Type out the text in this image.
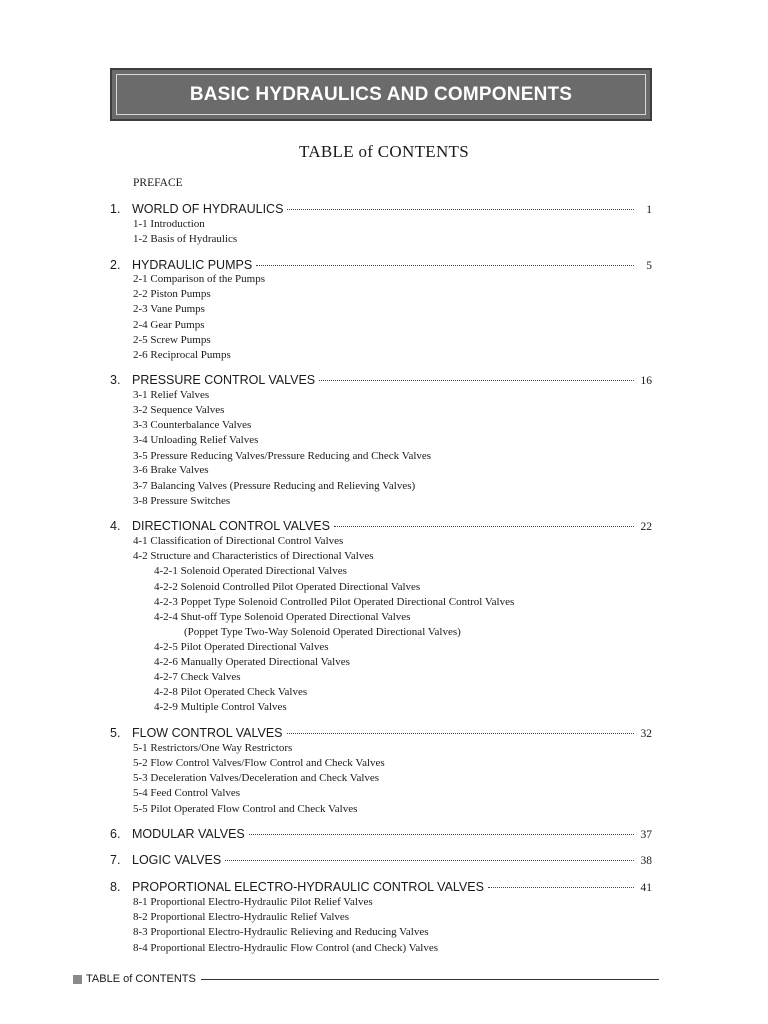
BASIC HYDRAULICS AND COMPONENTS
TABLE of CONTENTS
PREFACE
1. WORLD OF HYDRAULICS	1
1-1 Introduction
1-2 Basis of Hydraulics
2. HYDRAULIC PUMPS	5
2-1 Comparison of the Pumps
2-2 Piston Pumps
2-3 Vane Pumps
2-4 Gear Pumps
2-5 Screw Pumps
2-6 Reciprocal Pumps
3. PRESSURE CONTROL VALVES	16
3-1 Relief Valves
3-2 Sequence Valves
3-3 Counterbalance Valves
3-4 Unloading Relief Valves
3-5 Pressure Reducing Valves/Pressure Reducing and Check Valves
3-6 Brake Valves
3-7 Balancing Valves (Pressure Reducing and Relieving Valves)
3-8 Pressure Switches
4. DIRECTIONAL CONTROL VALVES	22
4-1 Classification of Directional Control Valves
4-2 Structure and Characteristics of Directional Valves
4-2-1 Solenoid Operated Directional Valves
4-2-2 Solenoid Controlled Pilot Operated Directional Valves
4-2-3 Poppet Type Solenoid Controlled Pilot Operated Directional Control Valves
4-2-4 Shut-off Type Solenoid Operated Directional Valves
(Poppet Type Two-Way Solenoid Operated Directional Valves)
4-2-5 Pilot Operated Directional Valves
4-2-6 Manually Operated Directional Valves
4-2-7 Check Valves
4-2-8 Pilot Operated Check Valves
4-2-9 Multiple Control Valves
5. FLOW CONTROL VALVES	32
5-1 Restrictors/One Way Restrictors
5-2 Flow Control Valves/Flow Control and Check Valves
5-3 Deceleration Valves/Deceleration and Check Valves
5-4 Feed Control Valves
5-5 Pilot Operated Flow Control and Check Valves
6. MODULAR VALVES	37
7. LOGIC VALVES	38
8. PROPORTIONAL ELECTRO-HYDRAULIC CONTROL VALVES	41
8-1 Proportional Electro-Hydraulic Pilot Relief Valves
8-2 Proportional Electro-Hydraulic Relief Valves
8-3 Proportional Electro-Hydraulic Relieving and Reducing Valves
8-4 Proportional Electro-Hydraulic Flow Control (and Check) Valves
TABLE of CONTENTS
